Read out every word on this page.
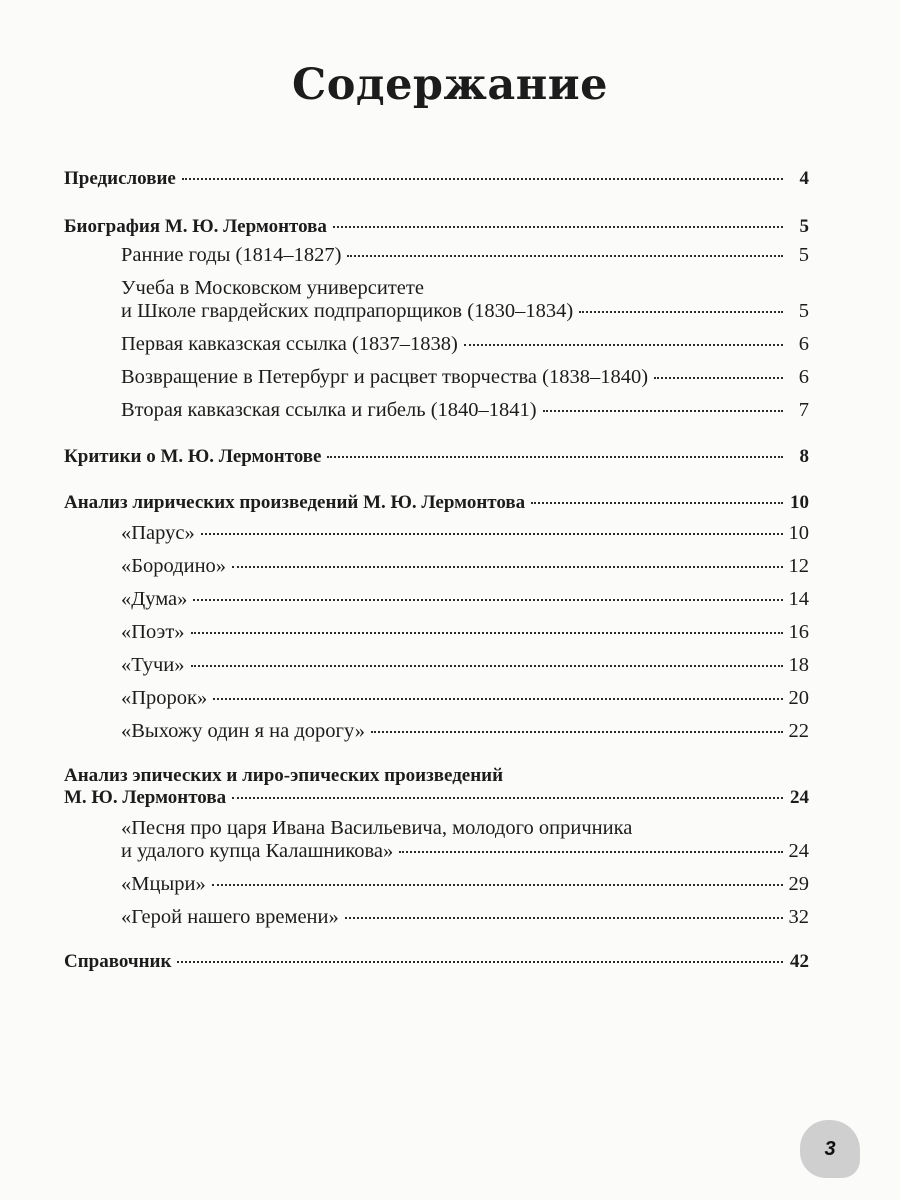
Содержание
Предисловие	4
Биография М. Ю. Лермонтова	5
Ранние годы (1814–1827)	5
Учеба в Московском университете
и Школе гвардейских подпрапорщиков (1830–1834)	5
Первая кавказская ссылка (1837–1838)	6
Возвращение в Петербург и расцвет творчества (1838–1840)	6
Вторая кавказская ссылка и гибель (1840–1841)	7
Критики о М. Ю. Лермонтове	8
Анализ лирических произведений М. Ю. Лермонтова	10
«Парус»	10
«Бородино»	12
«Дума»	14
«Поэт»	16
«Тучи»	18
«Пророк»	20
«Выхожу один я на дорогу»	22
Анализ эпических и лиро-эпических произведений
М. Ю. Лермонтова	24
«Песня про царя Ивана Васильевича, молодого опричника
и удалого купца Калашникова»	24
«Мцыри»	29
«Герой нашего времени»	32
Справочник	42
3
